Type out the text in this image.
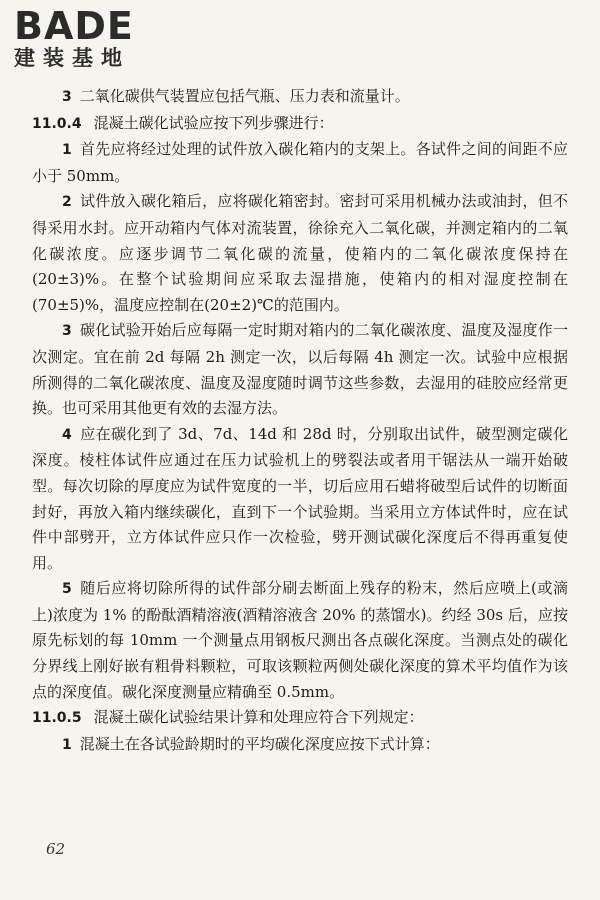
BADE
建装基地

3 二氧化碳供气装置应包括气瓶、压力表和流量计。

11.0.4 混凝土碳化试验应按下列步骤进行：

1 首先应将经过处理的试件放入碳化箱内的支架上。各试件之间的间距不应小于 50mm。

2 试件放入碳化箱后，应将碳化箱密封。密封可采用机械办法或油封，但不得采用水封。应开动箱内气体对流装置，徐徐充入二氧化碳，并测定箱内的二氧化碳浓度。应逐步调节二氧化碳的流量，使箱内的二氧化碳浓度保持在(20±3)%。在整个试验期间应采取去湿措施，使箱内的相对湿度控制在(70±5)%，温度应控制在(20±2)℃的范围内。

3 碳化试验开始后应每隔一定时期对箱内的二氧化碳浓度、温度及湿度作一次测定。宜在前 2d 每隔 2h 测定一次，以后每隔 4h 测定一次。试验中应根据所测得的二氧化碳浓度、温度及湿度随时调节这些参数，去湿用的硅胶应经常更换。也可采用其他更有效的去湿方法。

4 应在碳化到了 3d、7d、14d 和 28d 时，分别取出试件，破型测定碳化深度。棱柱体试件应通过在压力试验机上的劈裂法或者用干锯法从一端开始破型。每次切除的厚度应为试件宽度的一半，切后应用石蜡将破型后试件的切断面封好，再放入箱内继续碳化，直到下一个试验期。当采用立方体试件时，应在试件中部劈开，立方体试件应只作一次检验，劈开测试碳化深度后不得再重复使用。

5 随后应将切除所得的试件部分刷去断面上残存的粉末，然后应喷上(或滴上)浓度为 1% 的酚酞酒精溶液(酒精溶液含 20% 的蒸馏水)。约经 30s 后，应按原先标划的每 10mm 一个测量点用钢板尺测出各点碳化深度。当测点处的碳化分界线上刚好嵌有粗骨料颗粒，可取该颗粒两侧处碳化深度的算术平均值作为该点的深度值。碳化深度测量应精确至 0.5mm。

11.0.5 混凝土碳化试验结果计算和处理应符合下列规定：

1 混凝土在各试验龄期时的平均碳化深度应按下式计算：

62
